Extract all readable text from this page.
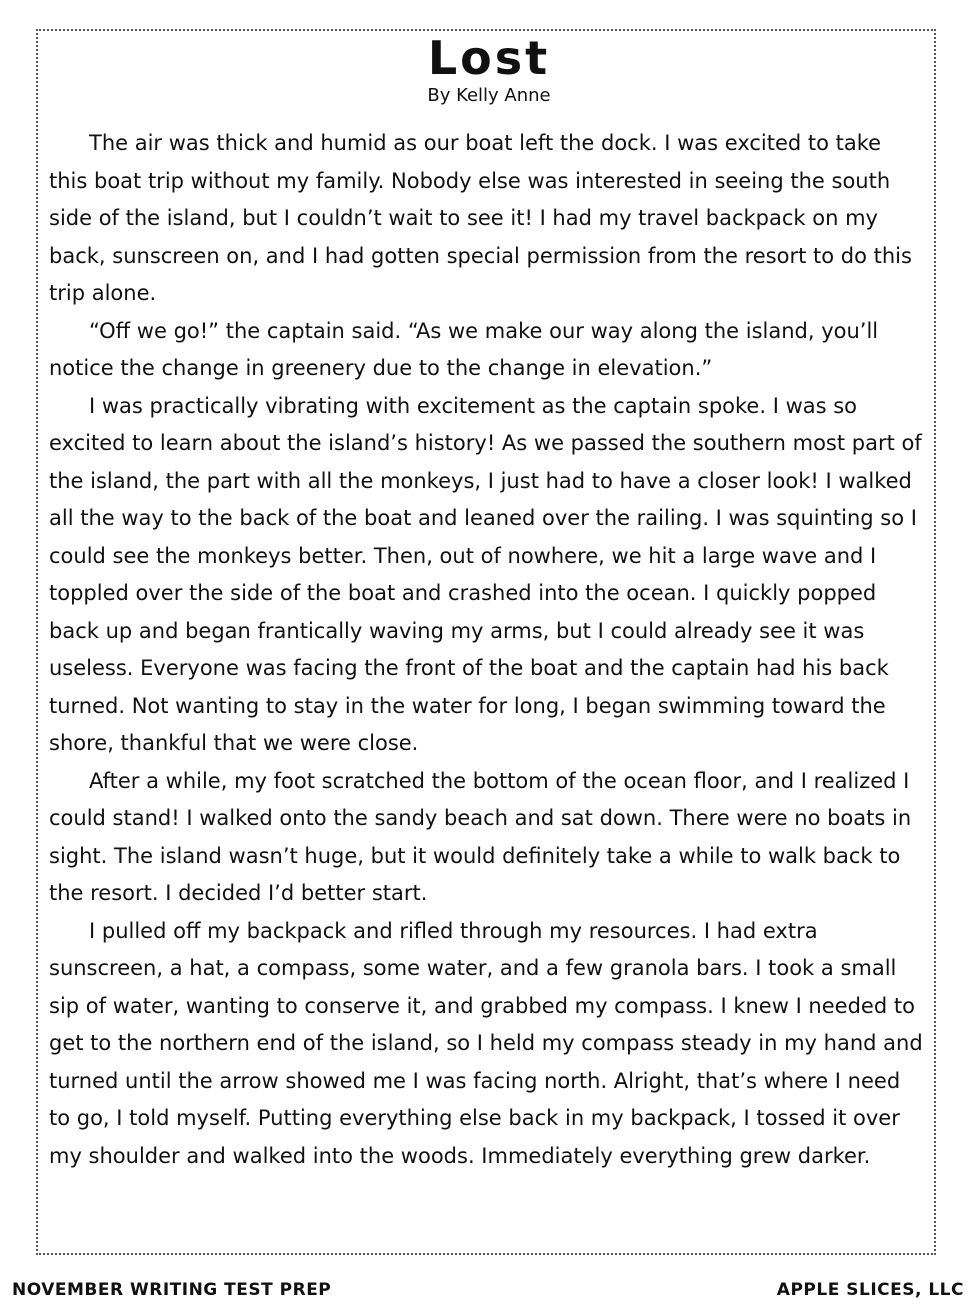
Lost
By Kelly Anne

The air was thick and humid as our boat left the dock. I was excited to take this boat trip without my family. Nobody else was interested in seeing the south side of the island, but I couldn’t wait to see it! I had my travel backpack on my back, sunscreen on, and I had gotten special permission from the resort to do this trip alone.

“Off we go!” the captain said. “As we make our way along the island, you’ll notice the change in greenery due to the change in elevation.”

I was practically vibrating with excitement as the captain spoke. I was so excited to learn about the island’s history! As we passed the southern most part of the island, the part with all the monkeys, I just had to have a closer look! I walked all the way to the back of the boat and leaned over the railing. I was squinting so I could see the monkeys better. Then, out of nowhere, we hit a large wave and I toppled over the side of the boat and crashed into the ocean. I quickly popped back up and began frantically waving my arms, but I could already see it was useless. Everyone was facing the front of the boat and the captain had his back turned. Not wanting to stay in the water for long, I began swimming toward the shore, thankful that we were close.

After a while, my foot scratched the bottom of the ocean floor, and I realized I could stand! I walked onto the sandy beach and sat down. There were no boats in sight. The island wasn’t huge, but it would definitely take a while to walk back to the resort. I decided I’d better start.

I pulled off my backpack and rifled through my resources. I had extra sunscreen, a hat, a compass, some water, and a few granola bars. I took a small sip of water, wanting to conserve it, and grabbed my compass. I knew I needed to get to the northern end of the island, so I held my compass steady in my hand and turned until the arrow showed me I was facing north. Alright, that’s where I need to go, I told myself. Putting everything else back in my backpack, I tossed it over my shoulder and walked into the woods. Immediately everything grew darker.

NOVEMBER WRITING TEST PREP	APPLE SLICES, LLC
